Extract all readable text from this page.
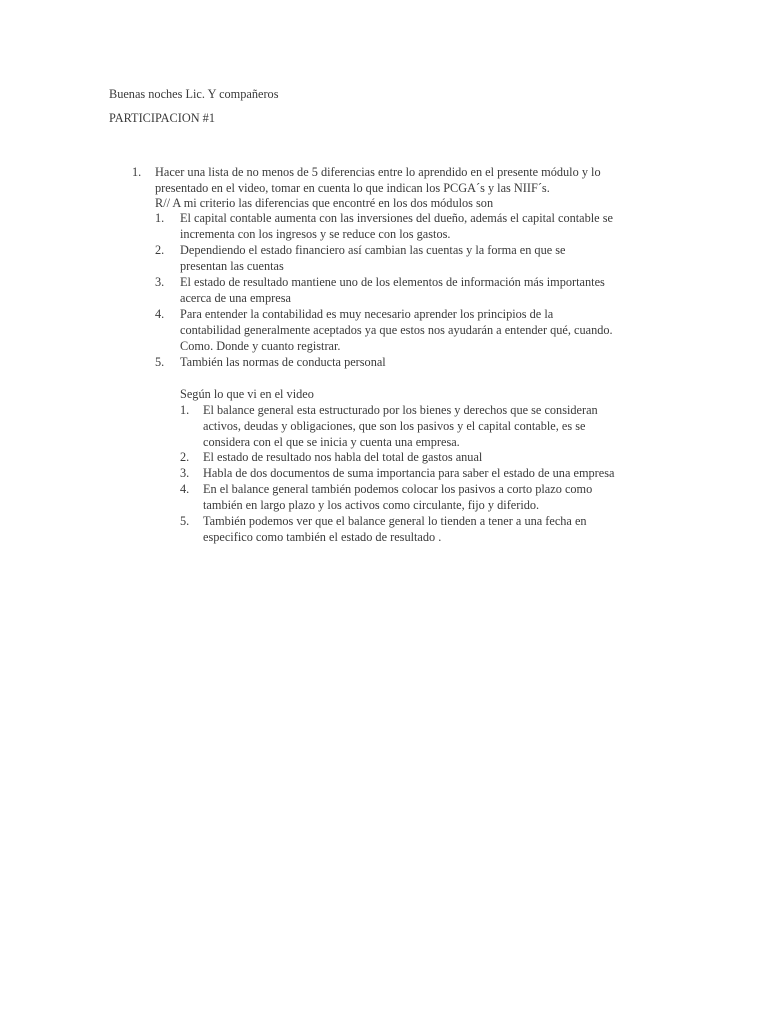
Buenas noches Lic. Y compañeros
PARTICIPACION #1
1. Hacer una lista de no menos de 5 diferencias entre lo aprendido en el presente módulo y lo
presentado en el video, tomar en cuenta lo que indican los PCGA´s y las NIIF´s.
R// A mi criterio las diferencias que encontré en los dos módulos son
1. El capital contable aumenta con las inversiones del dueño, además el capital contable se
incrementa con los ingresos y se reduce con los gastos.
2. Dependiendo el estado financiero así cambian las cuentas y la forma en que se
presentan las cuentas
3. El estado de resultado mantiene uno de los elementos de información más importantes
acerca de una empresa
4. Para entender la contabilidad es muy necesario aprender los principios de la
contabilidad generalmente aceptados ya que estos nos ayudarán a entender qué, cuando.
Como. Donde y cuanto registrar.
5. También las normas de conducta personal
Según lo que vi en el video
1. El balance general esta estructurado por los bienes y derechos que se consideran
activos, deudas y obligaciones, que son los pasivos y el capital contable, es se
considera con el que se inicia y cuenta una empresa.
2. El estado de resultado nos habla del total de gastos anual
3. Habla de dos documentos de suma importancia para saber el estado de una empresa
4. En el balance general también podemos colocar los pasivos a corto plazo como
también en largo plazo y los activos como circulante, fijo y diferido.
5. También podemos ver que el balance general lo tienden a tener a una fecha en
especifico como también el estado de resultado .
